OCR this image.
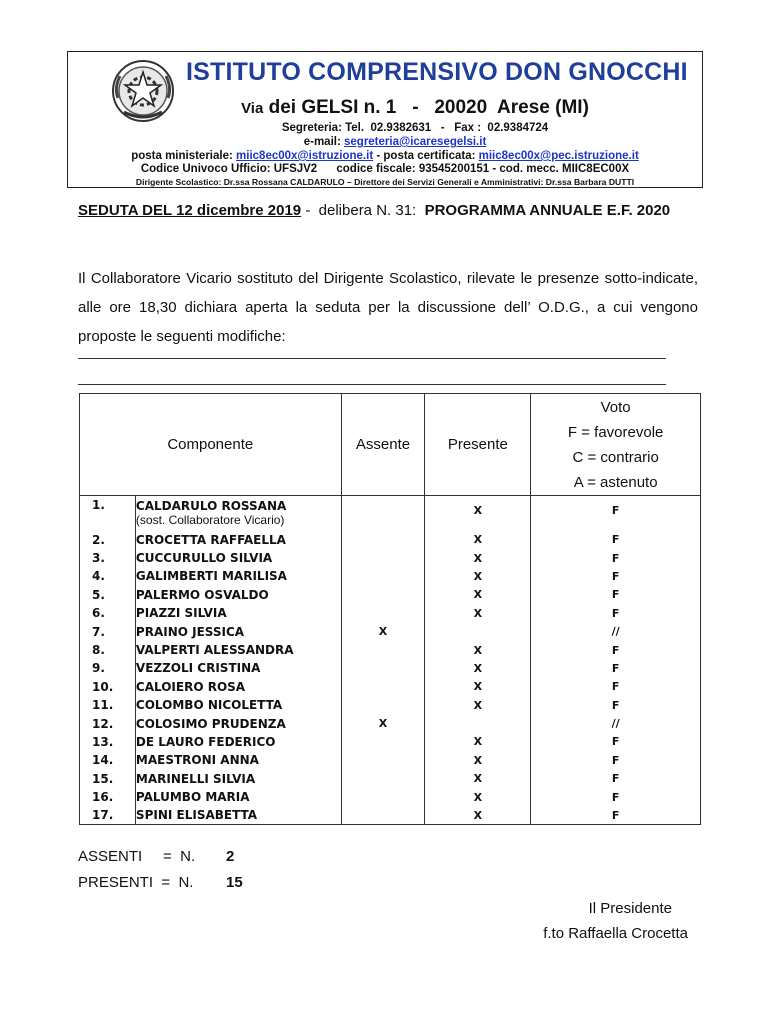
ISTITUTO COMPRENSIVO DON GNOCCHI
Via dei GELSI n. 1   -   20020  Arese (MI)
Segreteria: Tel.  02.9382631   -   Fax :  02.9384724
e-mail: segreteria@icaresegelsi.it
posta ministeriale: miic8ec00x@istruzione.it - posta certificata: miic8ec00x@pec.istruzione.it
Codice Univoco Ufficio: UFSJV2      codice fiscale: 93545200151 - cod. mecc. MIIC8EC00X
Dirigente Scolastico: Dr.ssa Rossana CALDARULO – Direttore dei Servizi Generali e Amministrativi: Dr.ssa Barbara DUTTI
SEDUTA DEL 12 dicembre 2019 -  delibera N. 31:  PROGRAMMA ANNUALE E.F. 2020
Il Collaboratore Vicario sostituto del Dirigente Scolastico, rilevate le presenze sotto-indicate, alle ore 18,30 dichiara aperta la seduta per la discussione dell’ O.D.G., a cui vengono proposte le seguenti modifiche:
Componente		Assente	Presente	Voto
F = favorevole
C = contrario
A = astenuto

1.	CALDARULO ROSSANA
(sost. Collaboratore Vicario)		X	F
2.	CROCETTA RAFFAELLA		X	F
3.	CUCCURULLO SILVIA		X	F
4.	GALIMBERTI MARILISA		X	F
5.	PALERMO OSVALDO		X	F
6.	PIAZZI SILVIA		X	F
7.	PRAINO JESSICA	X		//
8.	VALPERTI ALESSANDRA		X	F
9.	VEZZOLI CRISTINA		X	F
10.	CALOIERO ROSA		X	F
11.	COLOMBO NICOLETTA		X	F
12.	COLOSIMO PRUDENZA	X		//
13.	DE LAURO FEDERICO		X	F
14.	MAESTRONI ANNA		X	F
15.	MARINELLI SILVIA		X	F
16.	PALUMBO MARIA		X	F
17.	SPINI ELISABETTA		X	F
ASSENTI     =  N. 2
PRESENTI  =  N. 15
Il Presidente
f.to Raffaella Crocetta
